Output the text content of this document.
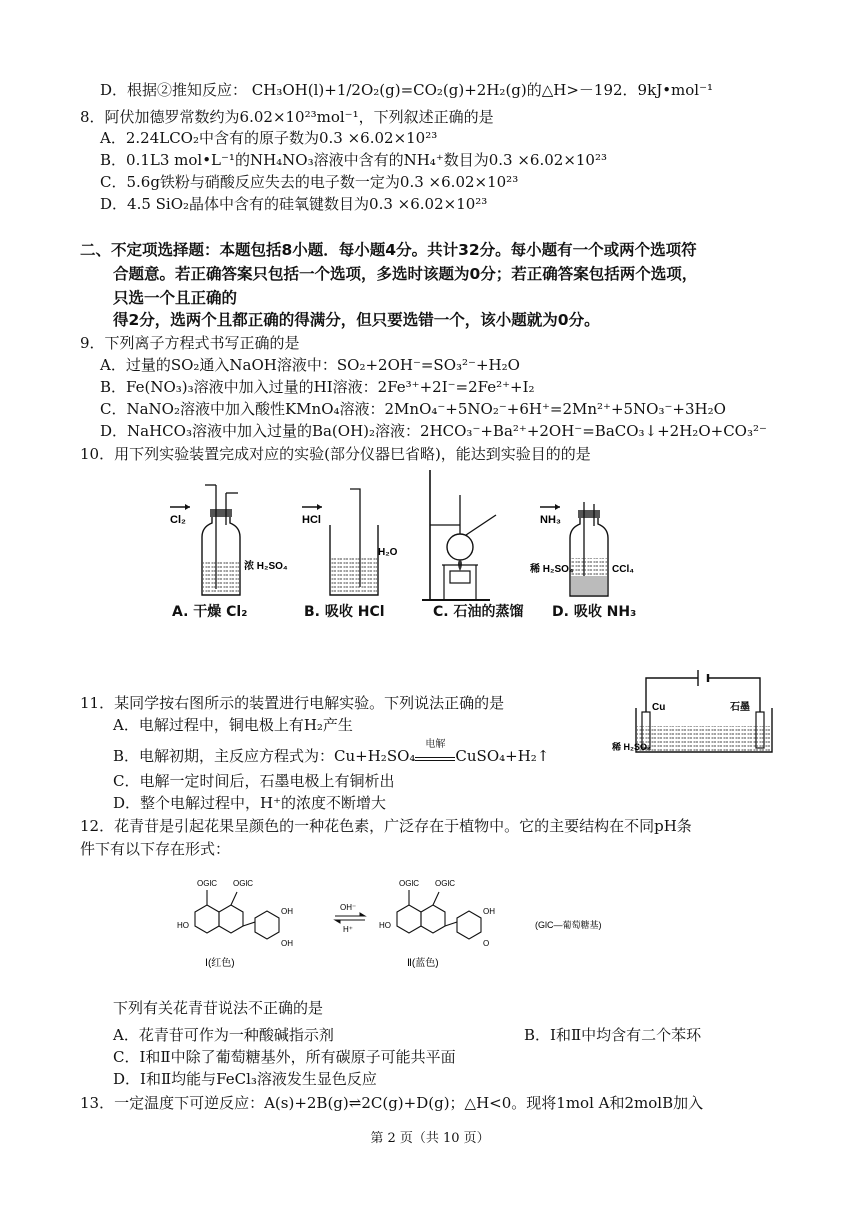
D．根据②推知反应： CH₃OH(l)+1/2O₂(g)=CO₂(g)+2H₂(g)的△H>－192．9kJ•mol⁻¹
8．阿伏加德罗常数约为6.02×10²³mol⁻¹，下列叙述正确的是
A．2.24LCO₂中含有的原子数为0.3 ×6.02×10²³
B．0.1L3 mol•L⁻¹的NH₄NO₃溶液中含有的NH₄⁺数目为0.3 ×6.02×10²³
C．5.6g铁粉与硝酸反应失去的电子数一定为0.3 ×6.02×10²³
D．4.5 SiO₂晶体中含有的硅氧键数目为0.3 ×6.02×10²³
二、不定项选择题：本题包括8小题．每小题4分。共计32分。每小题有一个或两个选项符
合题意。若正确答案只包括一个选项，多选时该题为0分；若正确答案包括两个选项，
只选一个且正确的
得2分，选两个且都正确的得满分，但只要选错一个，该小题就为0分。
9．下列离子方程式书写正确的是
A．过量的SO₂通入NaOH溶液中：SO₂+2OH⁻=SO₃²⁻+H₂O
B．Fe(NO₃)₃溶液中加入过量的HI溶液：2Fe³⁺+2I⁻=2Fe²⁺+I₂
C．NaNO₂溶液中加入酸性KMnO₄溶液：2MnO₄⁻+5NO₂⁻+6H⁺=2Mn²⁺+5NO₃⁻+3H₂O
D．NaHCO₃溶液中加入过量的Ba(OH)₂溶液：2HCO₃⁻+Ba²⁺+2OH⁻=BaCO₃↓+2H₂O+CO₃²⁻
10．用下列实验装置完成对应的实验(部分仪器巳省略)，能达到实验目的的是
Cl₂
浓 H₂SO₄
HCl
H₂O
NH₃
稀 H₂SO₄	CCl₄
A. 干燥 Cl₂	B. 吸收 HCl	C. 石油的蒸馏 D. 吸收 NH₃
11．某同学按右图所示的装置进行电解实验。下列说法正确的是
A．电解过程中，铜电极上有H₂产生
B．电解初期，主反应方程式为：Cu+H₂SO₄
电解
CuSO₄+H₂↑
C．电解一定时间后，石墨电极上有铜析出
D．整个电解过程中，H⁺的浓度不断增大
Cu	石墨
稀 H₂SO₄
12．花青苷是引起花果呈颜色的一种花色素，广泛存在于植物中。它的主要结构在不同pH条
件下有以下存在形式：
OGlC OGlC
HO
OH
OH
Ⅰ(红色)
OH⁻
H⁺
OGlC OGlC
HO
OH
O
Ⅱ(蓝色)
(GlC—葡萄糖基)
下列有关花青苷说法不正确的是
A．花青苷可作为一种酸碱指示剂	B．I和Ⅱ中均含有二个苯环
C．I和Ⅱ中除了葡萄糖基外，所有碳原子可能共平面
D．I和Ⅱ均能与FeCl₃溶液发生显色反应
13．一定温度下可逆反应：A(s)+2B(g)⇌2C(g)+D(g)；△H<0。现将1mol A和2molB加入
第 2 页（共 10 页）
